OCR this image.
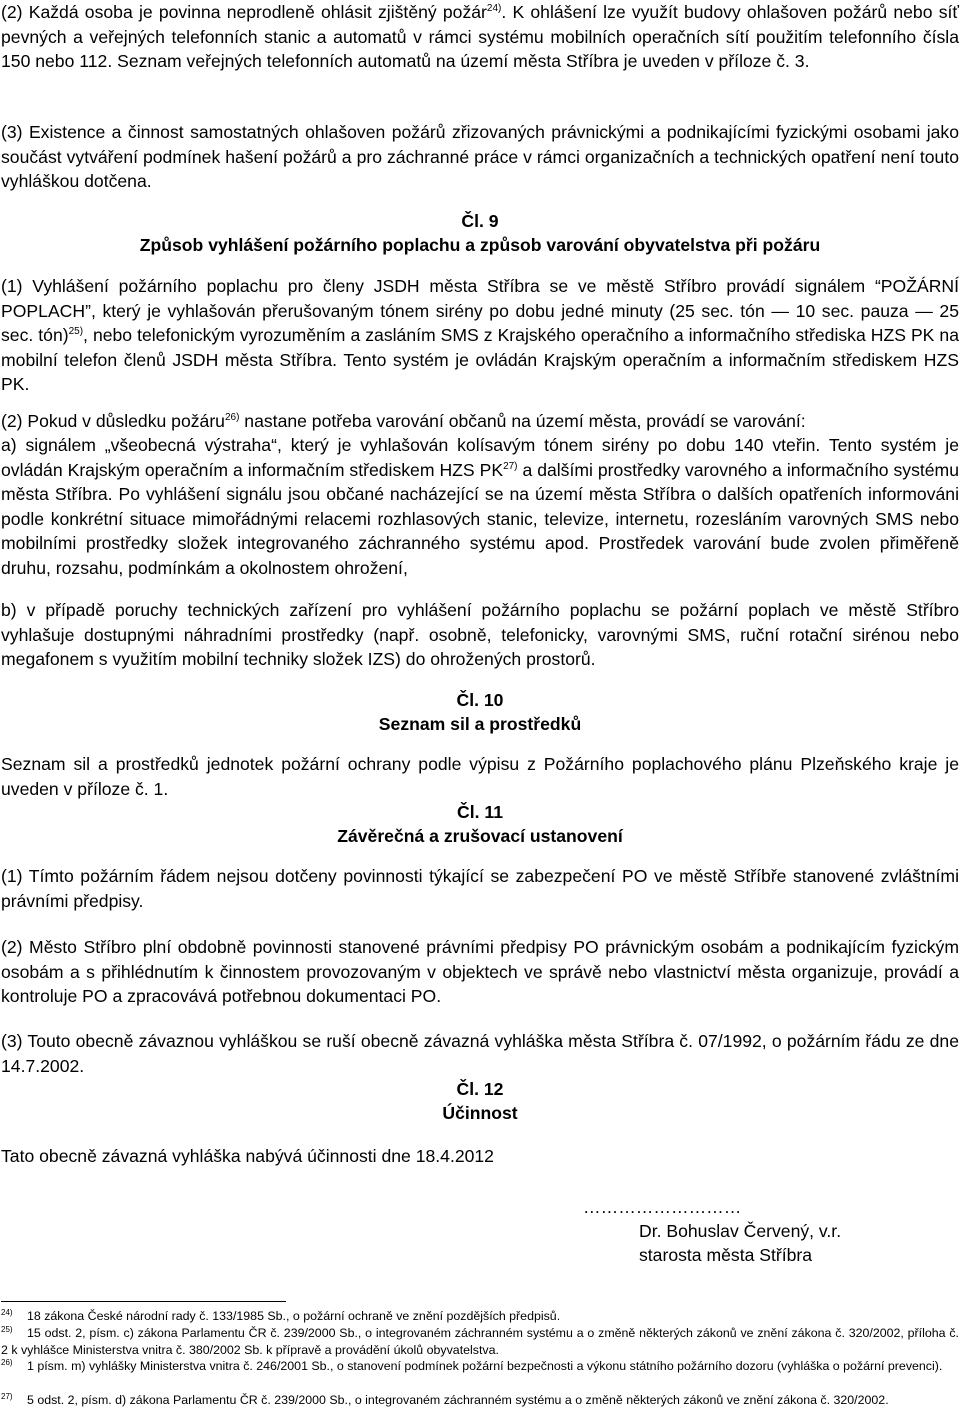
(2) Každá osoba je povinna neprodleně ohlásit zjištěný požár$^{24)}$. K ohlášení lze využít budovy ohlašoven požárů nebo síť pevných a veřejných telefonních stanic a automatů v rámci systému mobilních operačních sítí použitím telefonního čísla 150 nebo 112. Seznam veřejných telefonních automatů na území města Stříbra je uveden v příloze č. 3.

(3) Existence a činnost samostatných ohlašoven požárů zřizovaných právnickými a podnikajícími fyzickými osobami jako součást vytváření podmínek hašení požárů a pro záchranné práce v rámci organizačních a technických opatření není touto vyhláškou dotčena.

Čl. 9
Způsob vyhlášení požárního poplachu a způsob varování obyvatelstva při požáru

(1) Vyhlášení požárního poplachu pro členy JSDH města Stříbra se ve městě Stříbro provádí signálem “POŽÁRNÍ POPLACH”, který je vyhlašován přerušovaným tónem sirény po dobu jedné minuty (25 sec. tón — 10 sec. pauza — 25 sec. tón)$^{25)}$, nebo telefonickým vyrozuměním a zasláním SMS z Krajského operačního a informačního střediska HZS PK na mobilní telefon členů JSDH města Stříbra. Tento systém je ovládán Krajským operačním a informačním střediskem HZS PK.

(2) Pokud v důsledku požáru$^{26)}$ nastane potřeba varování občanů na území města, provádí se varování:

a) signálem „všeobecná výstraha“, který je vyhlašován kolísavým tónem sirény po dobu 140 vteřin. Tento systém je ovládán Krajským operačním a informačním střediskem HZS PK$^{27)}$ a dalšími prostředky varovného a informačního systému města Stříbra. Po vyhlášení signálu jsou občané nacházející se na území města Stříbra o dalších opatřeních informováni podle konkrétní situace mimořádnými relacemi rozhlasových stanic, televize, internetu, rozesláním varovných SMS nebo mobilními prostředky složek integrovaného záchranného systému apod. Prostředek varování bude zvolen přiměřeně druhu, rozsahu, podmínkám a okolnostem ohrožení,

b) v případě poruchy technických zařízení pro vyhlášení požárního poplachu se požární poplach ve městě Stříbro vyhlašuje dostupnými náhradními prostředky (např. osobně, telefonicky, varovnými SMS, ruční rotační sirénou nebo megafonem s využitím mobilní techniky složek IZS) do ohrožených prostorů.

Čl. 10
Seznam sil a prostředků

Seznam sil a prostředků jednotek požární ochrany podle výpisu z Požárního poplachového plánu Plzeňského kraje je uveden v příloze č. 1.

Čl. 11
Závěrečná a zrušovací ustanovení

(1) Tímto požárním řádem nejsou dotčeny povinnosti týkající se zabezpečení PO ve městě Stříbře stanovené zvláštními právními předpisy.

(2) Město Stříbro plní obdobně povinnosti stanovené právními předpisy PO právnickým osobám a podnikajícím fyzickým osobám a s přihlédnutím k činnostem provozovaným v objektech ve správě nebo vlastnictví města organizuje, provádí a kontroluje PO a zpracovává potřebnou dokumentaci PO.

(3) Touto obecně závaznou vyhláškou se ruší obecně závazná vyhláška města Stříbra č. 07/1992, o požárním řádu ze dne 14.7.2002.

Čl. 12
Účinnost

Tato obecně závazná vyhláška nabývá účinnosti dne 18.4.2012

………………………
Dr. Bohuslav Červený, v.r.
starosta města Stříbra
$^{24)}$ 18 zákona České národní rady č. 133/1985 Sb., o požární ochraně ve znění pozdějších předpisů.
$^{25)}$ 15 odst. 2, písm. c) zákona Parlamentu ČR č. 239/2000 Sb., o integrovaném záchranném systému a o změně některých zákonů ve znění zákona č. 320/2002, příloha č. 2 k vyhlášce Ministerstva vnitra č. 380/2002 Sb. k přípravě a provádění úkolů obyvatelstva.
$^{26)}$ 1 písm. m) vyhlášky Ministerstva vnitra č. 246/2001 Sb., o stanovení podmínek požární bezpečnosti a výkonu státního požárního dozoru (vyhláška o požární prevenci).
$^{27)}$ 5 odst. 2, písm. d) zákona Parlamentu ČR č. 239/2000 Sb., o integrovaném záchranném systému a o změně některých zákonů ve znění zákona č. 320/2002.
